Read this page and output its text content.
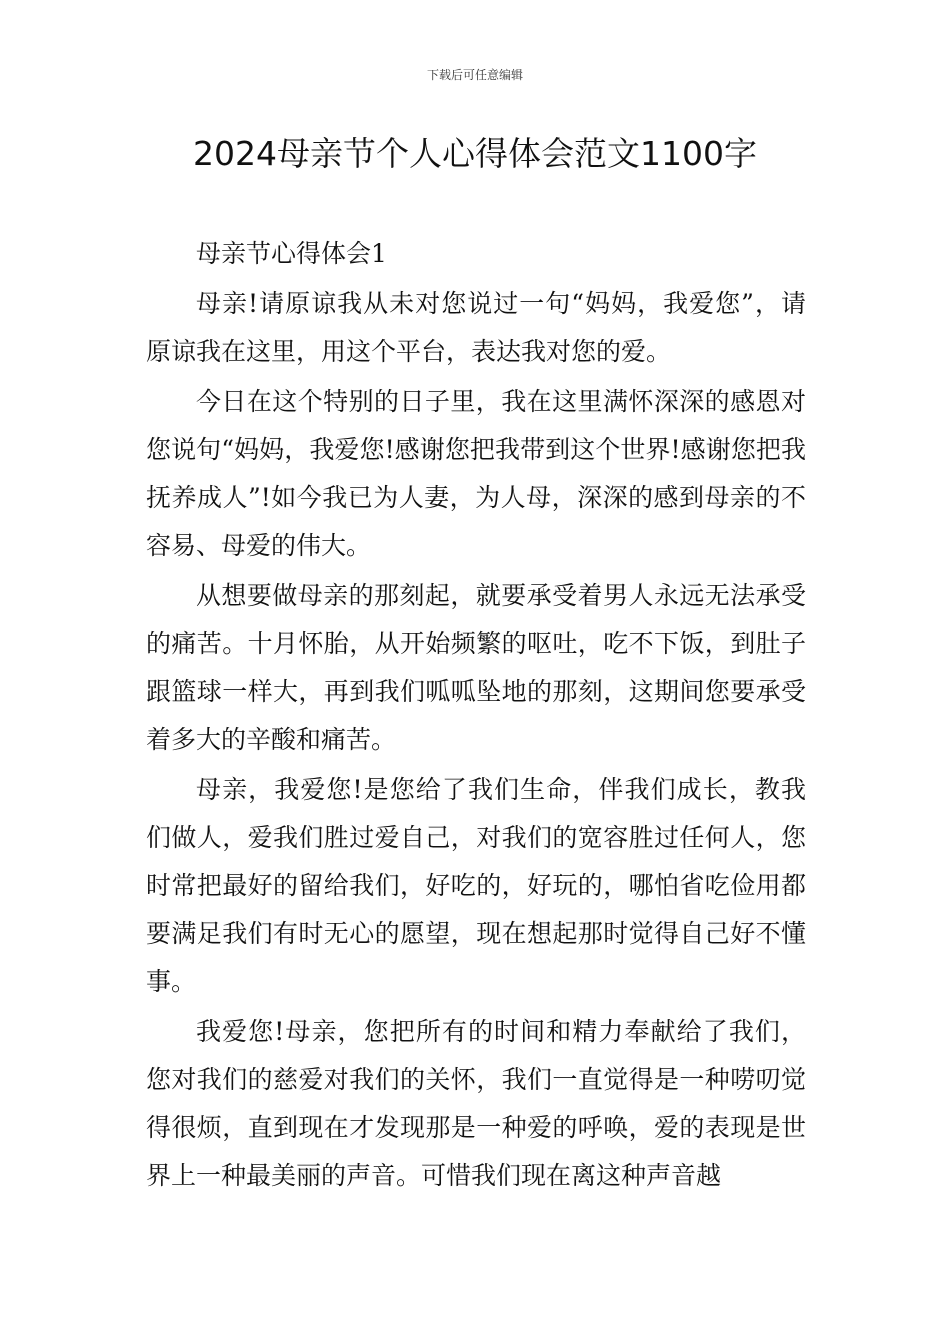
下载后可任意编辑
2024母亲节个人心得体会范文1100字

母亲节心得体会1

母亲!请原谅我从未对您说过一句“妈妈，我爱您”，请原谅我在这里，用这个平台，表达我对您的爱。

今日在这个特别的日子里，我在这里满怀深深的感恩对您说句“妈妈，我爱您!感谢您把我带到这个世界!感谢您把我抚养成人”!如今我已为人妻，为人母，深深的感到母亲的不容易、母爱的伟大。

从想要做母亲的那刻起，就要承受着男人永远无法承受的痛苦。十月怀胎，从开始频繁的呕吐，吃不下饭，到肚子跟篮球一样大，再到我们呱呱坠地的那刻，这期间您要承受着多大的辛酸和痛苦。

母亲，我爱您!是您给了我们生命，伴我们成长，教我们做人，爱我们胜过爱自己，对我们的宽容胜过任何人，您时常把最好的留给我们，好吃的，好玩的，哪怕省吃俭用都要满足我们有时无心的愿望，现在想起那时觉得自己好不懂事。

我爱您!母亲，您把所有的时间和精力奉献给了我们，您对我们的慈爱对我们的关怀，我们一直觉得是一种唠叨觉得很烦，直到现在才发现那是一种爱的呼唤，爱的表现是世界上一种最美丽的声音。可惜我们现在离这种声音越
